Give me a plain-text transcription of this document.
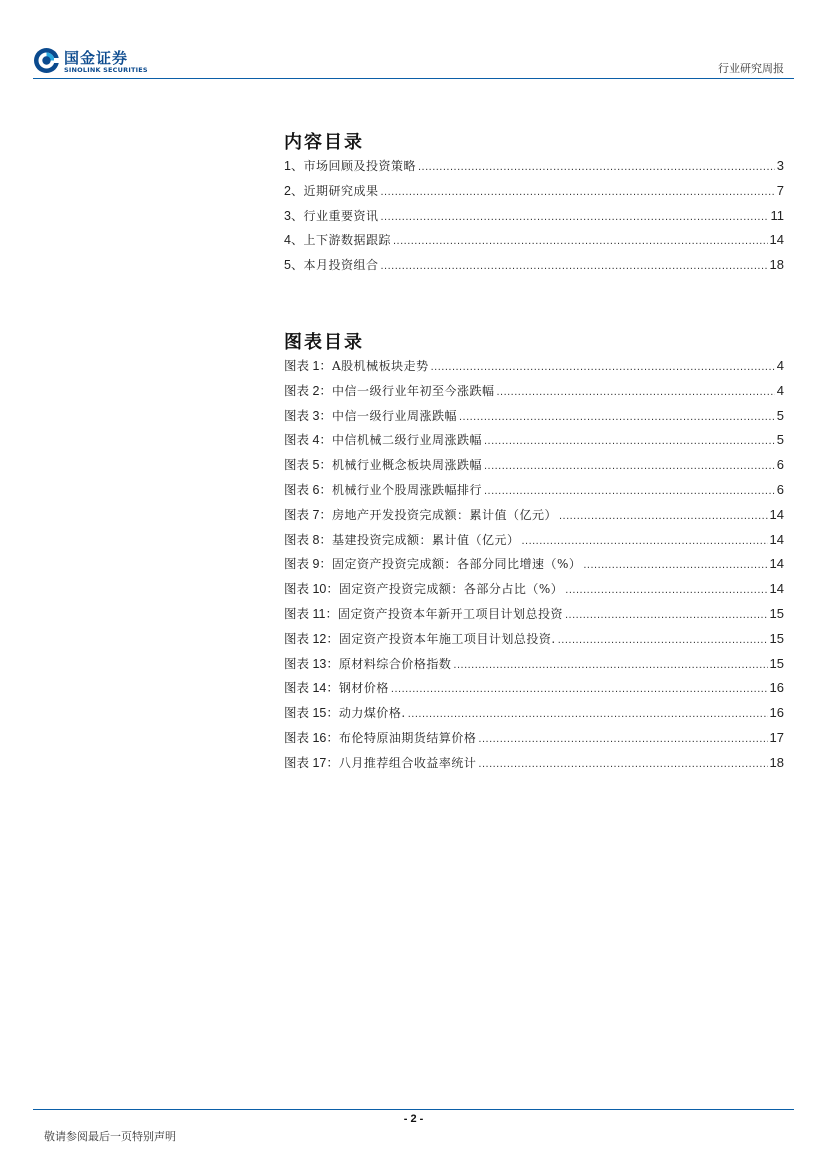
国金证券
SINOLINK SECURITIES	行业研究周报
内容目录
1、 市场回顾及投资策略 .....	3
2、 近期研究成果 .....	7
3、 行业重要资讯 .....	11
4、 上下游数据跟踪 .....	14
5、 本月投资组合 .....	18
图表目录
图表 1： A股机械板块走势 .....	4
图表 2： 中信一级行业年初至今涨跌幅 .....	4
图表 3： 中信一级行业周涨跌幅 .....	5
图表 4： 中信机械二级行业周涨跌幅 .....	5
图表 5： 机械行业概念板块周涨跌幅 .....	6
图表 6： 机械行业个股周涨跌幅排行 .....	6
图表 7： 房地产开发投资完成额：累计值（亿元） .....	14
图表 8： 基建投资完成额：累计值（亿元） .....	14
图表 9： 固定资产投资完成额：各部分同比增速（%） .....	14
图表 10： 固定资产投资完成额：各部分占比（%） .....	14
图表 11： 固定资产投资本年新开工项目计划总投资 .....	15
图表 12： 固定资产投资本年施工项目计划总投资. .....	15
图表 13： 原材料综合价格指数 .....	15
图表 14： 钢材价格 .....	16
图表 15： 动力煤价格. .....	16
图表 16： 布伦特原油期货结算价格 .....	17
图表 17： 八月推荐组合收益率统计 .....	18
- 2 -
敬请参阅最后一页特别声明
